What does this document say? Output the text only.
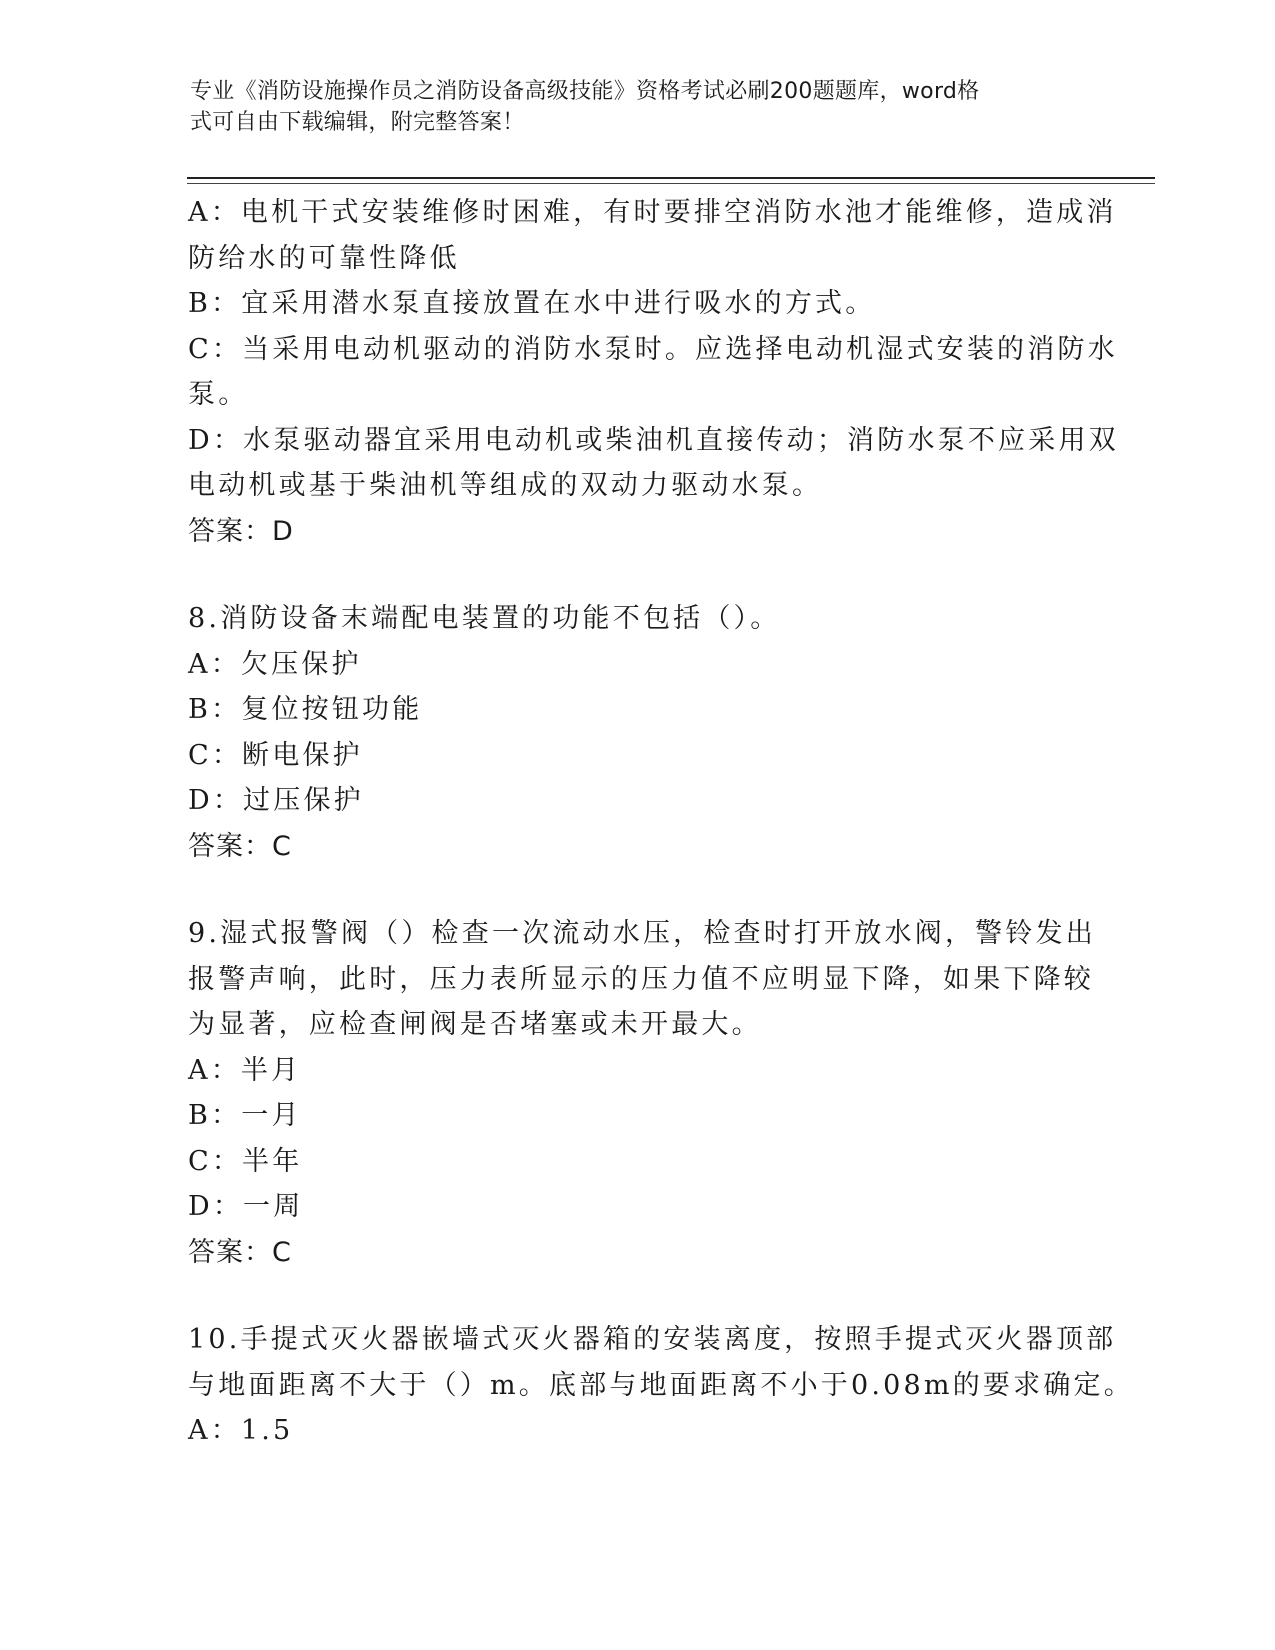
专业《消防设施操作员之消防设备高级技能》资格考试必刷200题题库，word格
式可自由下载编辑，附完整答案！
A：电机干式安装维修时困难，有时要排空消防水池才能维修，造成消
防给水的可靠性降低
B：宜采用潜水泵直接放置在水中进行吸水的方式。
C：当采用电动机驱动的消防水泵时。应选择电动机湿式安装的消防水
泵。
D：水泵驱动器宜采用电动机或柴油机直接传动；消防水泵不应采用双
电动机或基于柴油机等组成的双动力驱动水泵。
答案：D
8.消防设备末端配电装置的功能不包括（）。
A：欠压保护
B：复位按钮功能
C：断电保护
D：过压保护
答案：C
9.湿式报警阀（）检查一次流动水压，检查时打开放水阀，警铃发出
报警声响，此时，压力表所显示的压力值不应明显下降，如果下降较
为显著，应检查闸阀是否堵塞或未开最大。
A：半月
B：一月
C：半年
D：一周
答案：C
10.手提式灭火器嵌墙式灭火器箱的安装离度，按照手提式灭火器顶部
与地面距离不大于（）m。底部与地面距离不小于0.08m的要求确定。
A：1.5
